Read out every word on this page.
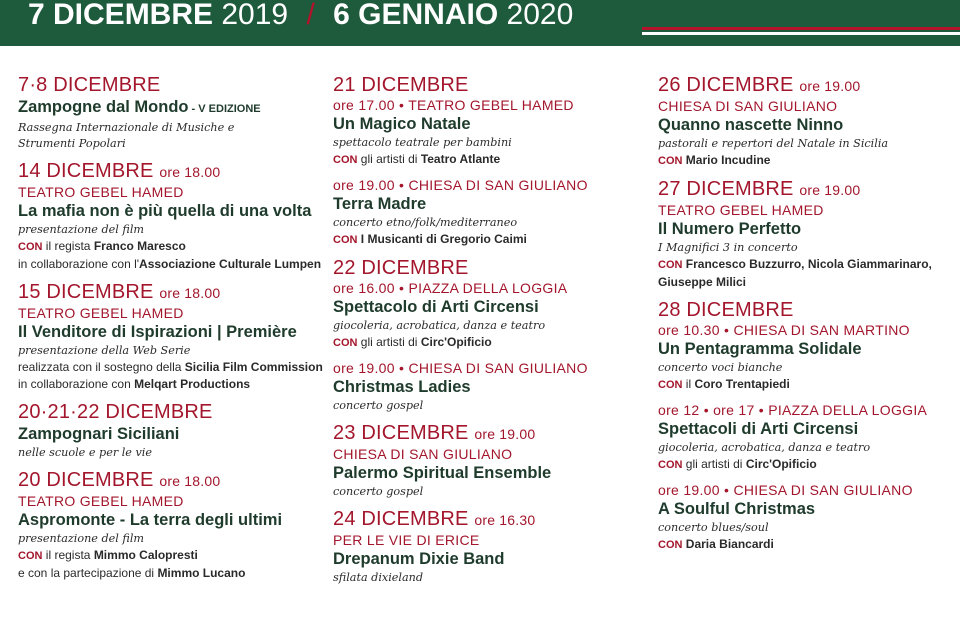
7 DICEMBRE 2019 / 6 GENNAIO 2020
7·8 DICEMBRE
Zampogne dal Mondo - V EDIZIONE
Rassegna Internazionale di Musiche e
Strumenti Popolari
14 DICEMBRE ore 18.00
TEATRO GEBEL HAMED
La mafia non è più quella di una volta
presentazione del film
CON il regista Franco Maresco
in collaborazione con l'Associazione Culturale Lumpen
15 DICEMBRE ore 18.00
TEATRO GEBEL HAMED
Il Venditore di Ispirazioni | Première
presentazione della Web Serie
realizzata con il sostegno della Sicilia Film Commission
in collaborazione con Melqart Productions
20·21·22 DICEMBRE
Zampognari Siciliani
nelle scuole e per le vie
20 DICEMBRE ore 18.00
TEATRO GEBEL HAMED
Aspromonte - La terra degli ultimi
presentazione del film
CON il regista Mimmo Calopresti
e con la partecipazione di Mimmo Lucano
21 DICEMBRE
ore 17.00 • TEATRO GEBEL HAMED
Un Magico Natale
spettacolo teatrale per bambini
CON gli artisti di Teatro Atlante
ore 19.00 • CHIESA DI SAN GIULIANO
Terra Madre
concerto etno/folk/mediterraneo
CON I Musicanti di Gregorio Caimi
22 DICEMBRE
ore 16.00 • PIAZZA DELLA LOGGIA
Spettacolo di Arti Circensi
giocoleria, acrobatica, danza e teatro
CON gli artisti di Circ'Opificio
ore 19.00 • CHIESA DI SAN GIULIANO
Christmas Ladies
concerto gospel
23 DICEMBRE ore 19.00
CHIESA DI SAN GIULIANO
Palermo Spiritual Ensemble
concerto gospel
24 DICEMBRE ore 16.30
PER LE VIE DI ERICE
Drepanum Dixie Band
sfilata dixieland
26 DICEMBRE ore 19.00
CHIESA DI SAN GIULIANO
Quanno nascette Ninno
pastorali e repertori del Natale in Sicilia
CON Mario Incudine
27 DICEMBRE ore 19.00
TEATRO GEBEL HAMED
Il Numero Perfetto
I Magnifici 3 in concerto
CON Francesco Buzzurro, Nicola Giammarinaro,
Giuseppe Milici
28 DICEMBRE
ore 10.30 • CHIESA DI SAN MARTINO
Un Pentagramma Solidale
concerto voci bianche
CON il Coro Trentapiedi
ore 12 • ore 17 • PIAZZA DELLA LOGGIA
Spettacoli di Arti Circensi
giocoleria, acrobatica, danza e teatro
CON gli artisti di Circ'Opificio
ore 19.00 • CHIESA DI SAN GIULIANO
A Soulful Christmas
concerto blues/soul
CON Daria Biancardi
